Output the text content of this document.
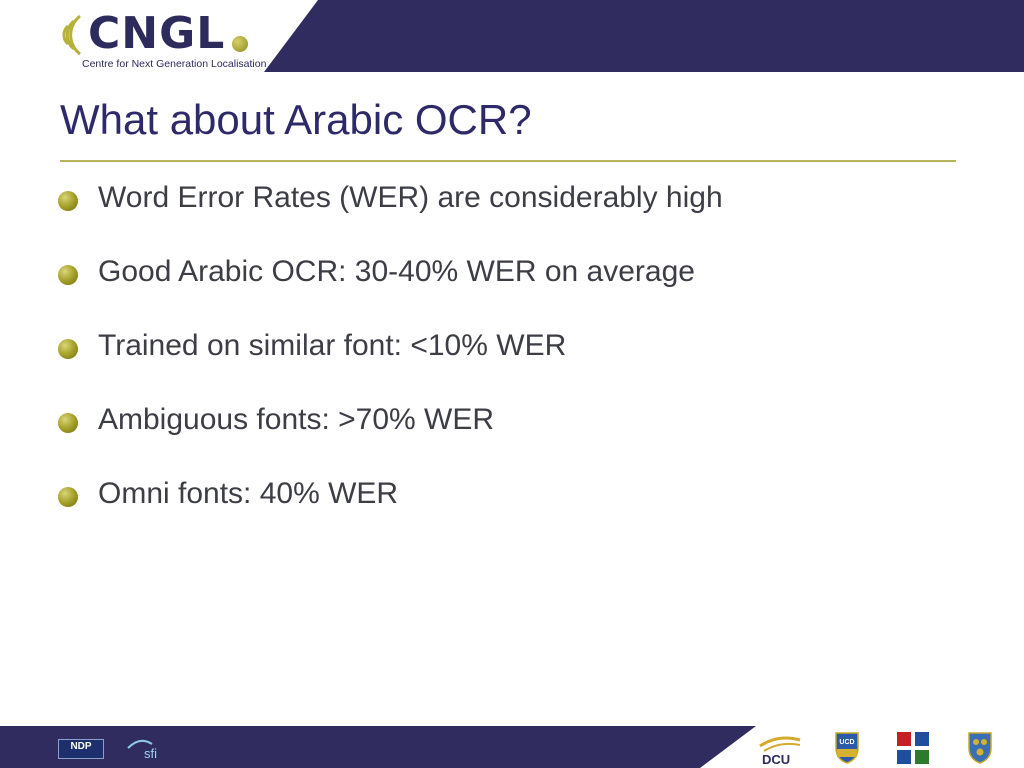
CNGL
Centre for Next Generation Localisation
What about Arabic OCR?
Word Error Rates (WER) are considerably high
Good Arabic OCR: 30-40% WER on average
Trained on similar font: <10% WER
Ambiguous fonts: >70% WER
Omni fonts: 40% WER
NDP	sfi	DCU
UCD
